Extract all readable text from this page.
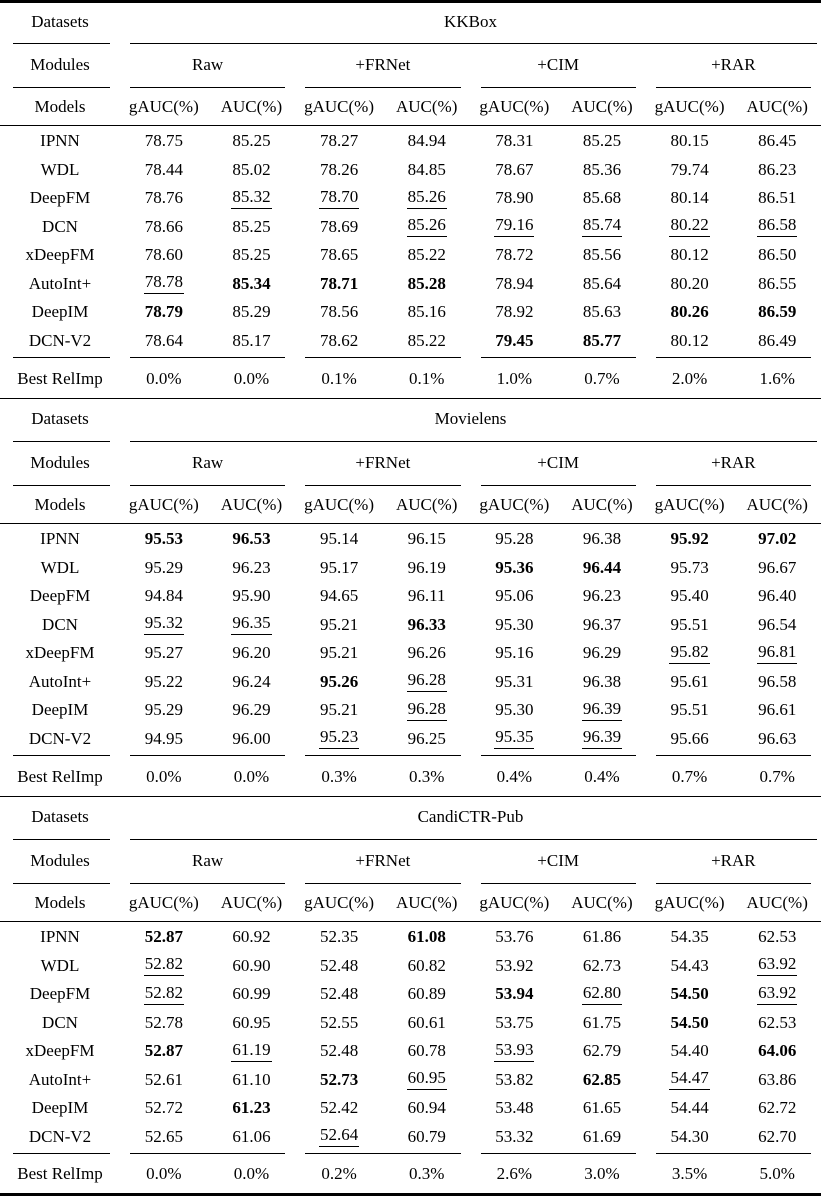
Datasets	KKBox							

Modules	Raw		+FRNet		+CIM		+RAR	

Models	gAUC(%)	AUC(%)	gAUC(%)	AUC(%)	gAUC(%)	AUC(%)	gAUC(%)	AUC(%)

IPNN	78.75	85.25	78.27	84.94	78.31	85.25	80.15	86.45
WDL	78.44	85.02	78.26	84.85	78.67	85.36	79.74	86.23
DeepFM	78.76	85.32	78.70	85.26	78.90	85.68	80.14	86.51
DCN	78.66	85.25	78.69	85.26	79.16	85.74	80.22	86.58
xDeepFM	78.60	85.25	78.65	85.22	78.72	85.56	80.12	86.50
AutoInt+	78.78	85.34	78.71	85.28	78.94	85.64	80.20	86.55
DeepIM	78.79	85.29	78.56	85.16	78.92	85.63	80.26	86.59
DCN-V2	78.64	85.17	78.62	85.22	79.45	85.77	80.12	86.49

Best RelImp	0.0%	0.0%	0.1%	0.1%	1.0%	0.7%	2.0%	1.6%

Datasets	Movielens							

Modules	Raw		+FRNet		+CIM		+RAR	

Models	gAUC(%)	AUC(%)	gAUC(%)	AUC(%)	gAUC(%)	AUC(%)	gAUC(%)	AUC(%)

IPNN	95.53	96.53	95.14	96.15	95.28	96.38	95.92	97.02
WDL	95.29	96.23	95.17	96.19	95.36	96.44	95.73	96.67
DeepFM	94.84	95.90	94.65	96.11	95.06	96.23	95.40	96.40
DCN	95.32	96.35	95.21	96.33	95.30	96.37	95.51	96.54
xDeepFM	95.27	96.20	95.21	96.26	95.16	96.29	95.82	96.81
AutoInt+	95.22	96.24	95.26	96.28	95.31	96.38	95.61	96.58
DeepIM	95.29	96.29	95.21	96.28	95.30	96.39	95.51	96.61
DCN-V2	94.95	96.00	95.23	96.25	95.35	96.39	95.66	96.63

Best RelImp	0.0%	0.0%	0.3%	0.3%	0.4%	0.4%	0.7%	0.7%

Datasets	CandiCTR-Pub							

Modules	Raw		+FRNet		+CIM		+RAR	

Models	gAUC(%)	AUC(%)	gAUC(%)	AUC(%)	gAUC(%)	AUC(%)	gAUC(%)	AUC(%)

IPNN	52.87	60.92	52.35	61.08	53.76	61.86	54.35	62.53
WDL	52.82	60.90	52.48	60.82	53.92	62.73	54.43	63.92
DeepFM	52.82	60.99	52.48	60.89	53.94	62.80	54.50	63.92
DCN	52.78	60.95	52.55	60.61	53.75	61.75	54.50	62.53
xDeepFM	52.87	61.19	52.48	60.78	53.93	62.79	54.40	64.06
AutoInt+	52.61	61.10	52.73	60.95	53.82	62.85	54.47	63.86
DeepIM	52.72	61.23	52.42	60.94	53.48	61.65	54.44	62.72
DCN-V2	52.65	61.06	52.64	60.79	53.32	61.69	54.30	62.70

Best RelImp	0.0%	0.0%	0.2%	0.3%	2.6%	3.0%	3.5%	5.0%
